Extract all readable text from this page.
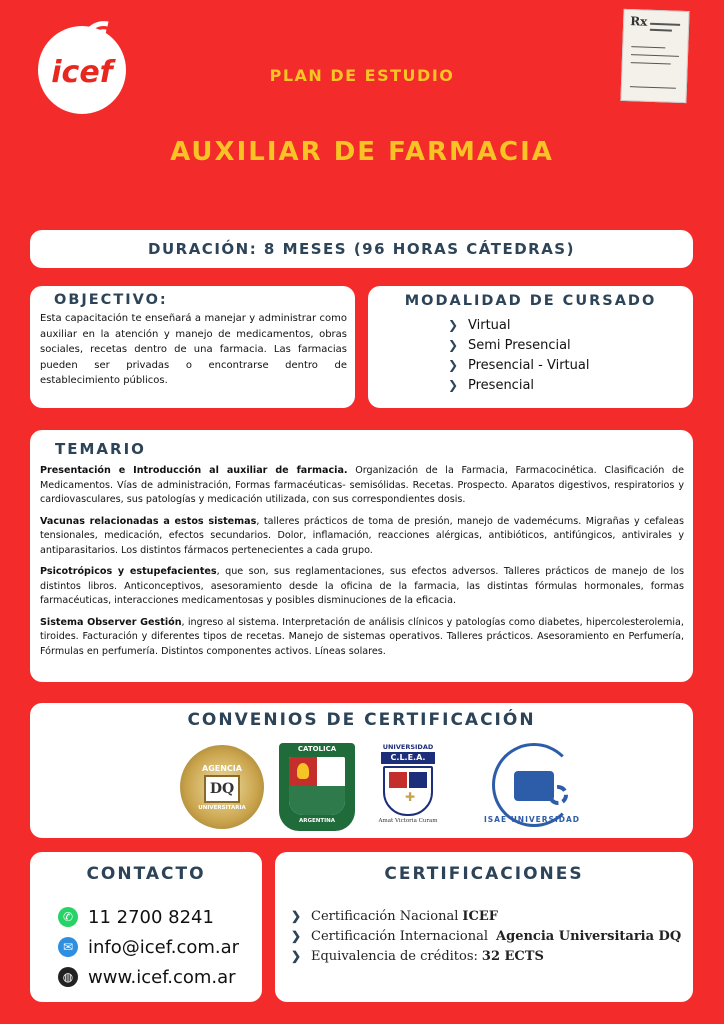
icef	PLAN DE ESTUDIO
AUXILIAR DE FARMACIA
Rx
DURACIÓN: 8 MESES (96 HORAS CÁTEDRAS)
OBJECTIVO:
Esta capacitación te enseñará a manejar y administrar como auxiliar en la atención y manejo de medicamentos, obras sociales, recetas dentro de una farmacia. Las farmacias pueden ser privadas o encontrarse dentro de establecimiento públicos.
MODALIDAD DE CURSADO
❯ Virtual
❯ Semi Presencial
❯ Presencial - Virtual
❯ Presencial
TEMARIO

Presentación e Introducción al auxiliar de farmacia. Organización de la Farmacia, Farmacocinética. Clasificación de Medicamentos. Vías de administración, Formas farmacéuticas- semisólidas. Recetas. Prospecto. Aparatos digestivos, respiratorios y cardiovasculares, sus patologías y medicación utilizada, con sus correspondientes dosis.

Vacunas relacionadas a estos sistemas, talleres prácticos de toma de presión, manejo de vademécums. Migrañas y cefaleas tensionales, medicación, efectos secundarios. Dolor, inflamación, reacciones alérgicas, antibióticos, antifúngicos, antivirales y antiparasitarios. Los distintos fármacos pertenecientes a cada grupo.

Psicotrópicos y estupefacientes, que son, sus reglamentaciones, sus efectos adversos. Talleres prácticos de manejo de los distintos libros. Anticonceptivos, asesoramiento desde la oficina de la farmacia, las distintas fórmulas hormonales, formas farmacéuticas, interacciones medicamentosas y posibles disminuciones de la eficacia.

Sistema Observer Gestión, ingreso al sistema. Interpretación de análisis clínicos y patologías como diabetes, hipercolesterolemia, tiroides. Facturación y diferentes tipos de recetas. Manejo de sistemas operativos. Talleres prácticos. Asesoramiento en Perfumería, Fórmulas en perfumería. Distintos componentes activos. Líneas solares.

CONVENIOS DE CERTIFICACIÓN
AGENCIA
DQ
UNIVERSITARIA
CATOLICA
ARGENTINA
UNIVERSIDAD
C.L.E.A.
✚
Amat Victoria Curam	ISAE UNIVERSIDAD
CONTACTO
✆ 11 2700 8241
✉ info@icef.com.ar
◍ www.icef.com.ar
CERTIFICACIONES
❯ Certificación Nacional ICEF
❯ Certificación Internacional Agencia Universitaria DQ
❯ Equivalencia de créditos: 32 ECTS
